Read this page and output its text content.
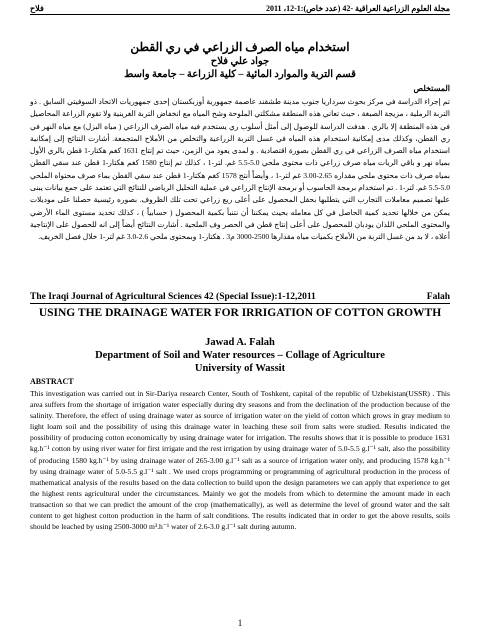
مجلة العلوم الزراعية العراقية -42 (عدد خاص):1-12، 2011
فلاح
استخدام مياه الصرف الزراعي في ري القطن
جواد علي فلاح
قسم التربة والموارد المائية – كلية الزراعة – جامعة واسط
المستخلص
تم إجراء الدراسة في مركز بحوث سرداريا جنوب مدينة طشقند عاصمة جمهورية أوزبكستان إحدى جمهوريات الاتحاد السوفيتي السابق . ذو التربة الرملية ، مزيجة الصبغة ، حيث تعاني هذه المنطقة مشكلتي الملوحة وشح المياه مع انخفاض التربة الغرينية ولا تقوم الزراعة المحاصيل في هذه المنطقة إلا بالري . هدفت الدراسة للوصول إلى أمثل أسلوب ري يستخدم فيه مياه الصرف الزراعي ( مياه البزل) مع مياه النهر في ري القطن، وكذلك مدى إمكانية استخدام هذه المياه في غسل التربة الزراعية والتخلص من الأملاح المتجمعة. أشارت النتائج إلى إمكانية استخدام مياه الصرف الزراعي في ري القطن بصورة اقتصادية . و لمدى يعود من الزمن، حيث تم إنتاج 1631 كغم هكتار-1 قطن بالري الأول بمياه نهر و باقي الريات مياه صرف زراعي ذات محتوى ملحي 5.0-5.5 غم. لتر-1 ، كذلك تم إنتاج 1580 كغم هكتار-1 قطن عند سقي القطن بمياه صرف ذات محتوى ملحي مقداره 2.65-3.00 غم لتر-1 ، وأيضاً أنتج 1578 كغم هكتار-1 قطن عند سقي القطن بماء صرف محتواه الملحي 5.0-5.5 غم. لتر-1 . تم استخدام برمجة الحاسوب أو برمجة الإنتاج الزراعي في عملية التحليل الرياضي للنتائج التي تعتمد على جمع بيانات يبنى عليها تصميم معاملات التجارب التي يتطلبها بحقل المحصول على أعلى ريع زراعي تحت تلك الظروف. بصوره رئيسية حصلنا على موديلات يمكن من خلالها تحديد كمية الحاصل في كل معامله بحيث يمكننا أن نتنبأ بكمية المحصول ( حسابياً ) ، كذلك تحديد مستوى الماء الأرضي والمحتوى الملحي اللذان يودبان للمحصول على أعلى إنتاج قطن في الحصر وف الملحية . أشارت النتائج أيضاً إلى انه للحصول على الإنتاجية أعلاه ، لا بد من غسل التربة من الأملاح بكميات مياه مقدارها 2500-3000 م3 . هكتار-1 وبمحتوى ملحي 2.6-3.0 غم لتر-1 خلال فصل الخريف.
The Iraqi Journal of Agricultural Sciences 42 (Special Issue):1-12,2011	Falah
USING THE DRAINAGE WATER FOR IRRIGATION OF COTTON GROWTH
Jawad A. Falah
Department of Soil and Water resources – Collage of Agriculture
University of Wassit
ABSTRACT
This investigation was carried out in Sir-Dariya research Center, South of Toshkent, capital of the republic of Uzbekistan(USSR) . This area suffers from the shortage of irrigation water especially during dry seasons and from the declination of the production because of the salinity. Therefore, the effect of using drainage water as source of irrigation water on the yield of cotton which grows in gray medium to light loam soil and the possibility of using this drainage water in leaching these soil from salts were studied. Results indicated the possibility of producing cotton economically by using drainage water for irrigation. The results shows that it is possible to produce 1631 kg.h⁻¹ cotton by using river water for first irrigate and the rest irrigation by using drainage water of 5.0-5.5 g.l⁻¹ salt, also the possibility of producing 1580 kg.h⁻¹ by using drainage water of 265-3.00 g.l⁻¹ salt as a source of irrigation water only, and producing 1578 kg.h⁻¹ by using drainage water of 5.0-5.5 g.l⁻¹ salt . We used crops programming or programming of agricultural production in the process of mathematical analysis of the results based on the data collection to build upon the design parameters we can apply that experience to get the highest rents agricultural under the circumstances. Mainly we got the models from which to determine the amount made in each transaction so that we can predict the amount of the crop (mathematically), as well as determine the level of ground water and the salt content to get highest cotton production in the harm of salt conditions. The results indicated that in order to get the above results, soils should be leached by using 2500-3000 m³.h⁻¹ water of 2.6-3.0 g.l⁻¹ salt during autumn.
1
